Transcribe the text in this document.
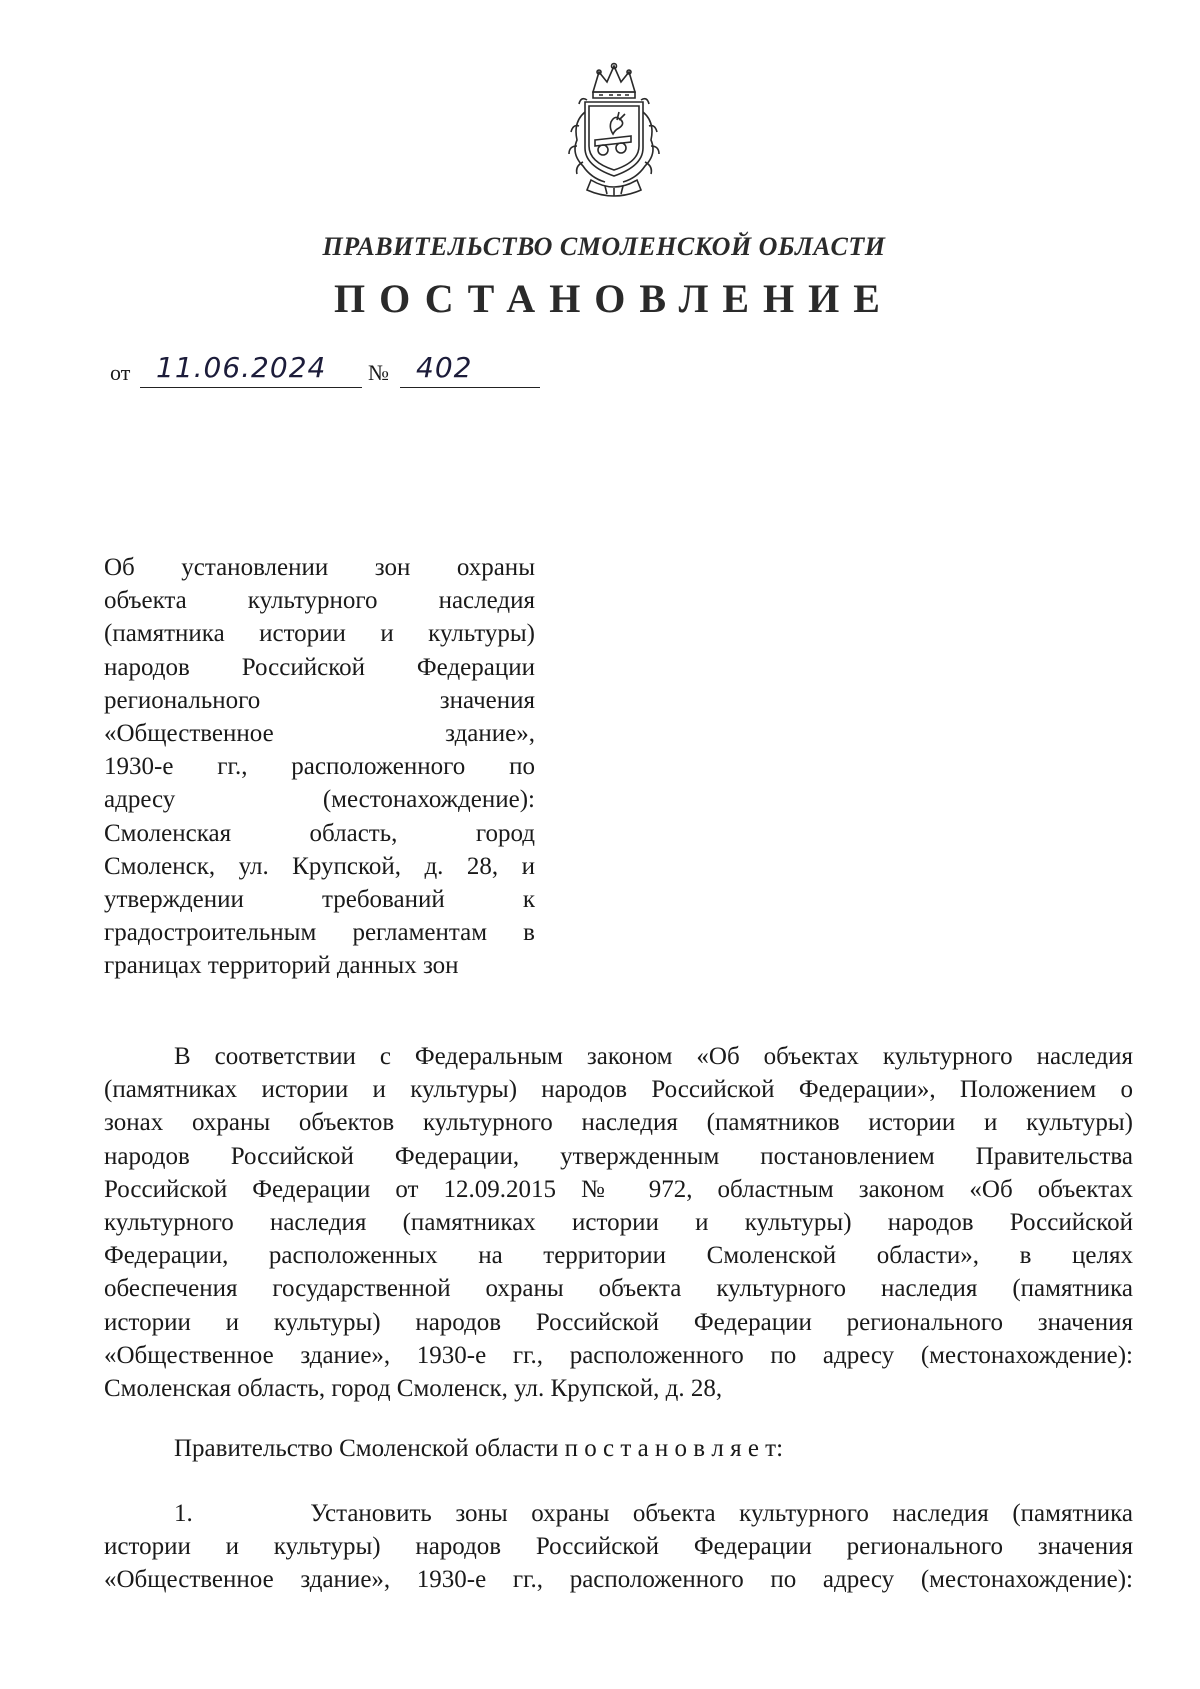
ПРАВИТЕЛЬСТВО СМОЛЕНСКОЙ ОБЛАСТИ
ПОСТАНОВЛЕНИЕ
от 11.06.2024 № 402
Об установлении зон охраны
объекта культурного наследия
(памятника истории и культуры)
народов Российской Федерации
регионального значения
«Общественное здание»,
1930-е гг., расположенного по
адресу (местонахождение):
Смоленская область, город
Смоленск, ул. Крупской, д. 28, и
утверждении требований к
градостроительным регламентам в
границах территорий данных зон
В соответствии с Федеральным законом «Об объектах культурного наследия
(памятниках истории и культуры) народов Российской Федерации», Положением о
зонах охраны объектов культурного наследия (памятников истории и культуры)
народов Российской Федерации, утвержденным постановлением Правительства
Российской Федерации от 12.09.2015 № 972, областным законом «Об объектах
культурного наследия (памятниках истории и культуры) народов Российской
Федерации, расположенных на территории Смоленской области», в целях
обеспечения государственной охраны объекта культурного наследия (памятника
истории и культуры) народов Российской Федерации регионального значения
«Общественное здание», 1930-е гг., расположенного по адресу (местонахождение):
Смоленская область, город Смоленск, ул. Крупской, д. 28,
Правительство Смоленской области п о с т а н о в л я е т:
1.     Установить зоны охраны объекта культурного наследия (памятника
истории и культуры) народов Российской Федерации регионального значения
«Общественное здание», 1930-е гг., расположенного по адресу (местонахождение):
